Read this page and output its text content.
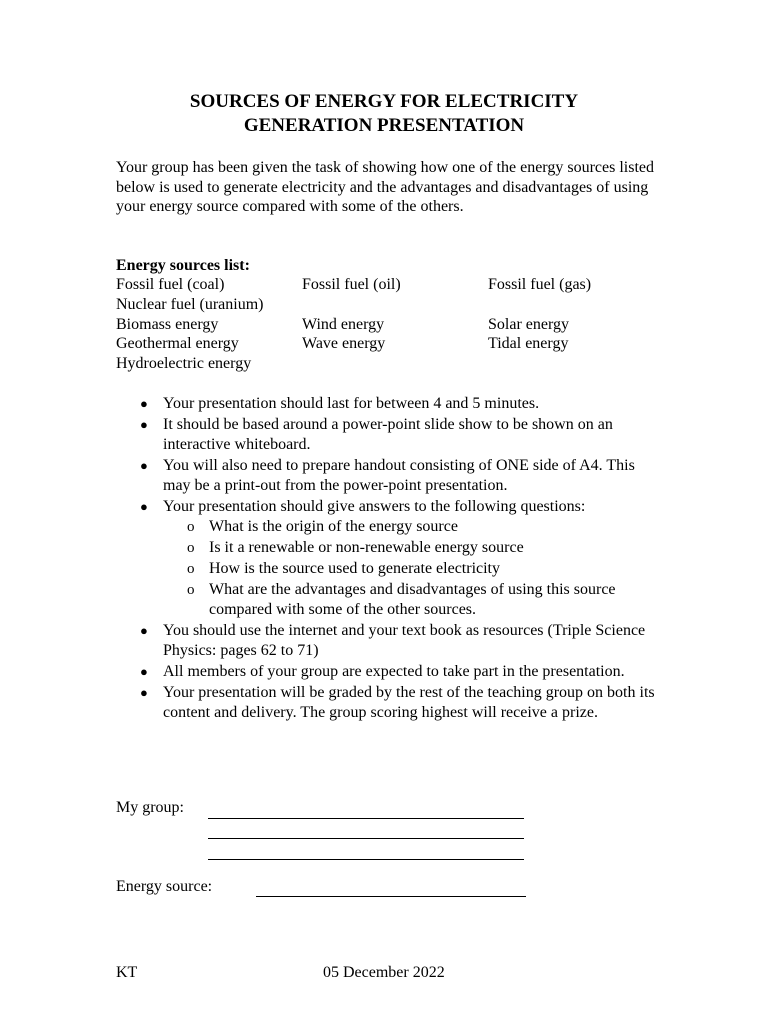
SOURCES OF ENERGY FOR ELECTRICITY
GENERATION PRESENTATION
Your group has been given the task of showing how one of the energy sources listed below is used to generate electricity and the advantages and disadvantages of using your energy source compared with some of the others.
Energy sources list:
Fossil fuel (coal)	Fossil fuel (oil)	Fossil fuel (gas)
Nuclear fuel (uranium)
Biomass energy	Wind energy	Solar energy
Geothermal energy	Wave energy	Tidal energy
Hydroelectric energy
● Your presentation should last for between 4 and 5 minutes.
● It should be based around a power-point slide show to be shown on an interactive whiteboard.
● You will also need to prepare handout consisting of ONE side of A4. This may be a print-out from the power-point presentation.
● Your presentation should give answers to the following questions:
o What is the origin of the energy source
o Is it a renewable or non-renewable energy source
o How is the source used to generate electricity
o What are the advantages and disadvantages of using this source compared with some of the other sources.
● You should use the internet and your text book as resources (Triple Science Physics: pages 62 to 71)
● All members of your group are expected to take part in the presentation.
● Your presentation will be graded by the rest of the teaching group on both its content and delivery. The group scoring highest will receive a prize.
My group:
Energy source:
KT	05 December 2022
